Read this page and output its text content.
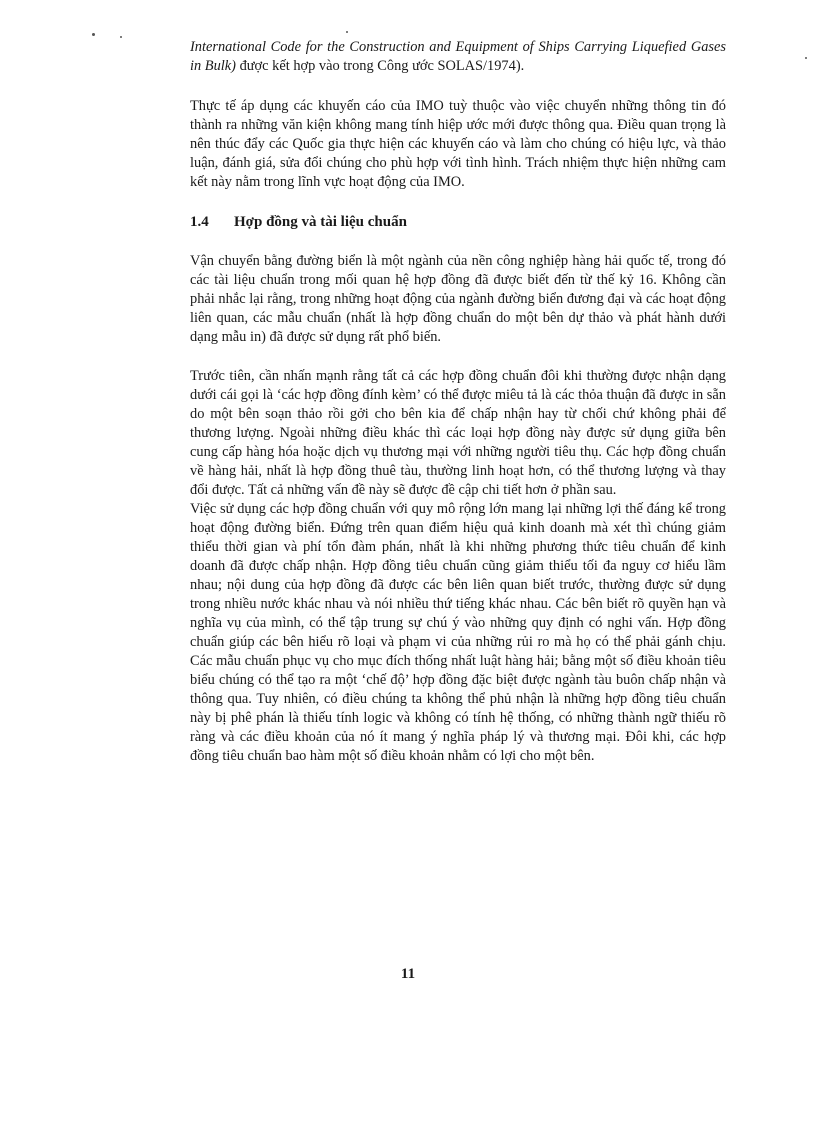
International Code for the Construction and Equipment of Ships Carrying Liquefied Gases in Bulk) được kết hợp vào trong Công ước SOLAS/1974).

Thực tế áp dụng các khuyến cáo của IMO tuỳ thuộc vào việc chuyển những thông tin đó thành ra những văn kiện không mang tính hiệp ước mới được thông qua. Điều quan trọng là nên thúc đẩy các Quốc gia thực hiện các khuyến cáo và làm cho chúng có hiệu lực, và thảo luận, đánh giá, sửa đổi chúng cho phù hợp với tình hình. Trách nhiệm thực hiện những cam kết này nằm trong lĩnh vực hoạt động của IMO.

1.4	Hợp đồng và tài liệu chuẩn

Vận chuyển bằng đường biển là một ngành của nền công nghiệp hàng hải quốc tế, trong đó các tài liệu chuẩn trong mối quan hệ hợp đồng đã được biết đến từ thế kỷ 16. Không cần phải nhắc lại rằng, trong những hoạt động của ngành đường biển đương đại và các hoạt động liên quan, các mẫu chuẩn (nhất là hợp đồng chuẩn do một bên dự thảo và phát hành dưới dạng mẫu in) đã được sử dụng rất phổ biến.

Trước tiên, cần nhấn mạnh rằng tất cả các hợp đồng chuẩn đôi khi thường được nhận dạng dưới cái gọi là ‘các hợp đồng đính kèm’ có thể được miêu tả là các thỏa thuận đã được in sẵn do một bên soạn thảo rồi gởi cho bên kia để chấp nhận hay từ chối chứ không phải để thương lượng. Ngoài những điều khác thì các loại hợp đồng này được sử dụng giữa bên cung cấp hàng hóa hoặc dịch vụ thương mại với những người tiêu thụ. Các hợp đồng chuẩn về hàng hải, nhất là hợp đồng thuê tàu, thường linh hoạt hơn, có thể thương lượng và thay đổi được. Tất cả những vấn đề này sẽ được đề cập chi tiết hơn ở phần sau.

Việc sử dụng các hợp đồng chuẩn với quy mô rộng lớn mang lại những lợi thế đáng kể trong hoạt động đường biển. Đứng trên quan điểm hiệu quả kinh doanh mà xét thì chúng giảm thiểu thời gian và phí tổn đàm phán, nhất là khi những phương thức tiêu chuẩn để kinh doanh đã được chấp nhận. Hợp đồng tiêu chuẩn cũng giảm thiểu tối đa nguy cơ hiểu lầm nhau; nội dung của hợp đồng đã được các bên liên quan biết trước, thường được sử dụng trong nhiều nước khác nhau và nói nhiều thứ tiếng khác nhau. Các bên biết rõ quyền hạn và nghĩa vụ của mình, có thể tập trung sự chú ý vào những quy định có nghi vấn. Hợp đồng chuẩn giúp các bên hiểu rõ loại và phạm vi của những rủi ro mà họ có thể phải gánh chịu. Các mẫu chuẩn phục vụ cho mục đích thống nhất luật hàng hải; bằng một số điều khoản tiêu biểu chúng có thể tạo ra một ‘chế độ’ hợp đồng đặc biệt được ngành tàu buôn chấp nhận và thông qua. Tuy nhiên, có điều chúng ta không thể phủ nhận là những hợp đồng tiêu chuẩn này bị phê phán là thiếu tính logic và không có tính hệ thống, có những thành ngữ thiếu rõ ràng và các điều khoản của nó ít mang ý nghĩa pháp lý và thương mại. Đôi khi, các hợp đồng tiêu chuẩn bao hàm một số điều khoản nhằm có lợi cho một bên.

11
